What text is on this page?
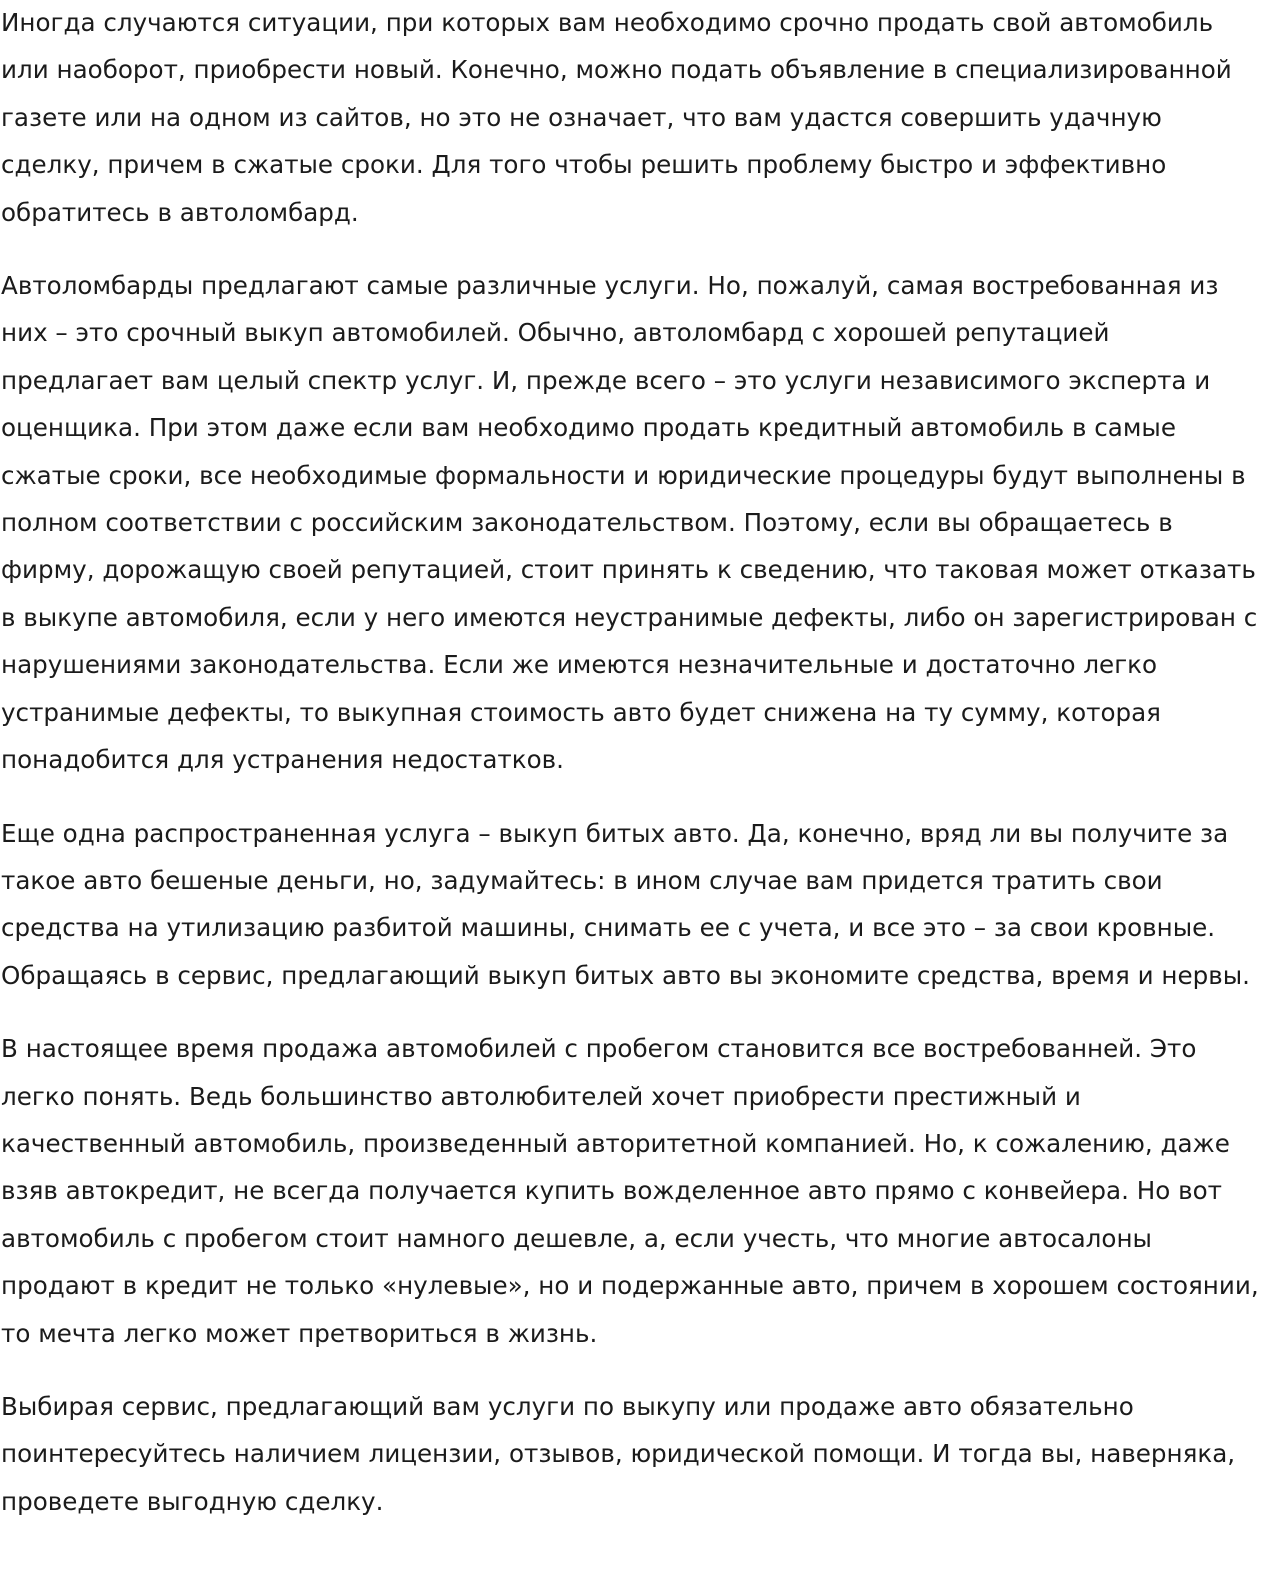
Иногда случаются ситуации, при которых вам необходимо срочно продать свой автомобиль или наоборот, приобрести новый. Конечно, можно подать объявление в специализированной газете или на одном из сайтов, но это не означает, что вам удастся совершить удачную сделку, причем в сжатые сроки. Для того чтобы решить проблему быстро и эффективно обратитесь в автоломбард.

Автоломбарды предлагают самые различные услуги. Но, пожалуй, самая востребованная из них – это срочный выкуп автомобилей. Обычно, автоломбард с хорошей репутацией предлагает вам целый спектр услуг. И, прежде всего – это услуги независимого эксперта и оценщика. При этом даже если вам необходимо продать кредитный автомобиль в самые сжатые сроки, все необходимые формальности и юридические процедуры будут выполнены в полном соответствии с российским законодательством. Поэтому, если вы обращаетесь в фирму, дорожащую своей репутацией, стоит принять к сведению, что таковая может отказать в выкупе автомобиля, если у него имеются неустранимые дефекты, либо он зарегистрирован с нарушениями законодательства. Если же имеются незначительные и достаточно легко устранимые дефекты, то выкупная стоимость авто будет снижена на ту сумму, которая понадобится для устранения недостатков.

Еще одна распространенная услуга – выкуп битых авто. Да, конечно, вряд ли вы получите за такое авто бешеные деньги, но, задумайтесь: в ином случае вам придется тратить свои средства на утилизацию разбитой машины, снимать ее с учета, и все это – за свои кровные. Обращаясь в сервис, предлагающий выкуп битых авто вы экономите средства, время и нервы.

В настоящее время продажа автомобилей с пробегом становится все востребованней. Это легко понять. Ведь большинство автолюбителей хочет приобрести престижный и качественный автомобиль, произведенный авторитетной компанией. Но, к сожалению, даже взяв автокредит, не всегда получается купить вожделенное авто прямо с конвейера. Но вот автомобиль с пробегом стоит намного дешевле, а, если учесть, что многие автосалоны продают в кредит не только «нулевые», но и подержанные авто, причем в хорошем состоянии, то мечта легко может претвориться в жизнь.

Выбирая сервис, предлагающий вам услуги по выкупу или продаже авто обязательно поинтересуйтесь наличием лицензии, отзывов, юридической помощи. И тогда вы, наверняка, проведете выгодную сделку.
